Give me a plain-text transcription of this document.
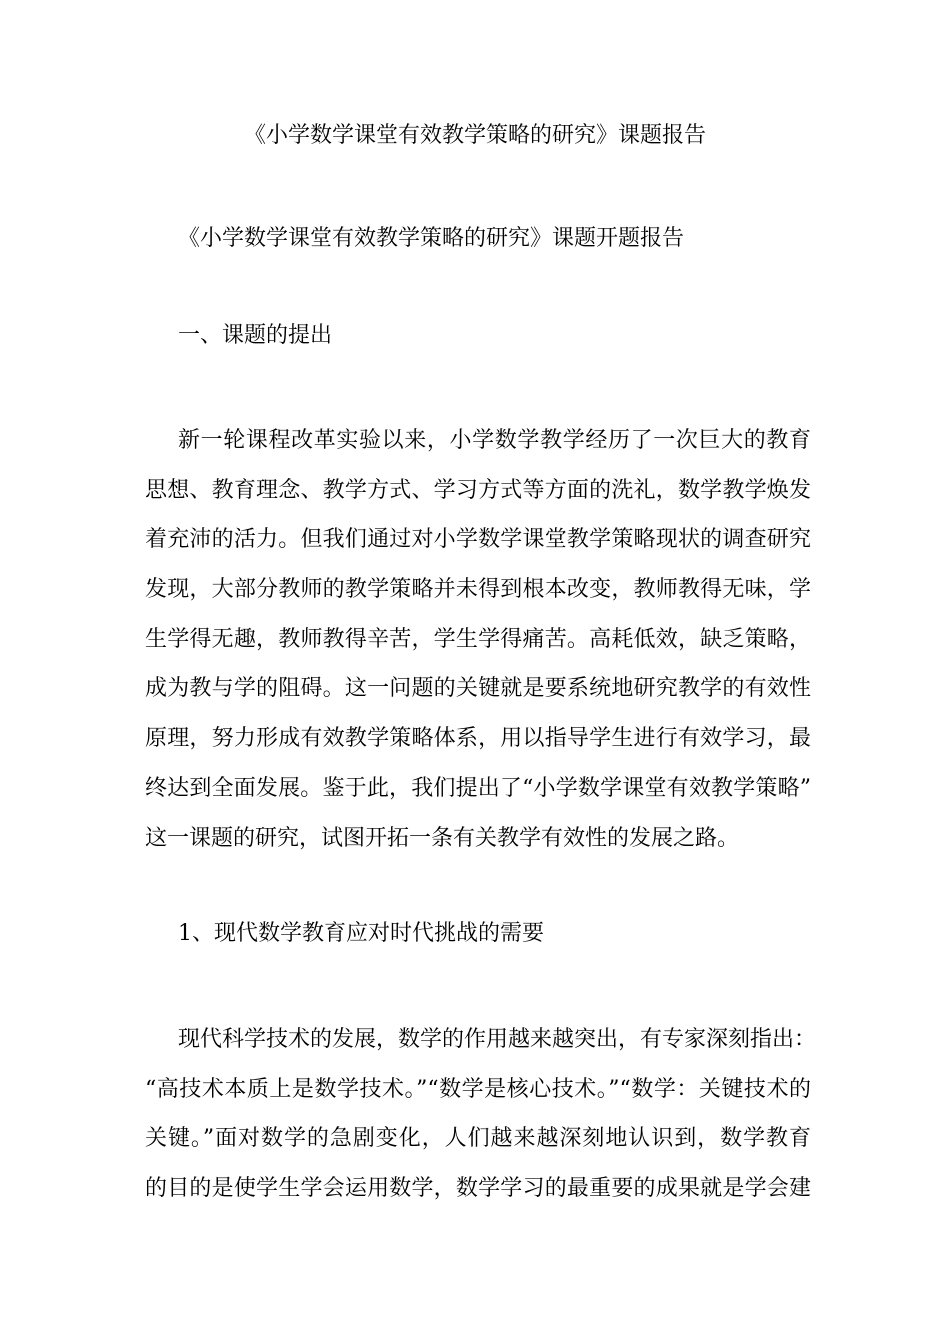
《小学数学课堂有效教学策略的研究》课题报告
《小学数学课堂有效教学策略的研究》课题开题报告
一、课题的提出
新一轮课程改革实验以来，小学数学教学经历了一次巨大的教育
思想、教育理念、教学方式、学习方式等方面的洗礼，数学教学焕发
着充沛的活力。但我们通过对小学数学课堂教学策略现状的调查研究
发现，大部分教师的教学策略并未得到根本改变，教师教得无味，学
生学得无趣，教师教得辛苦，学生学得痛苦。高耗低效，缺乏策略，
成为教与学的阻碍。这一问题的关键就是要系统地研究教学的有效性
原理，努力形成有效教学策略体系，用以指导学生进行有效学习，最
终达到全面发展。鉴于此，我们提出了“小学数学课堂有效教学策略”
这一课题的研究，试图开拓一条有关教学有效性的发展之路。
1、现代数学教育应对时代挑战的需要
现代科学技术的发展，数学的作用越来越突出，有专家深刻指出：
“高技术本质上是数学技术。”“数学是核心技术。”“数学：关键技术的
关键。”面对数学的急剧变化，人们越来越深刻地认识到，数学教育
的目的是使学生学会运用数学，数学学习的最重要的成果就是学会建
